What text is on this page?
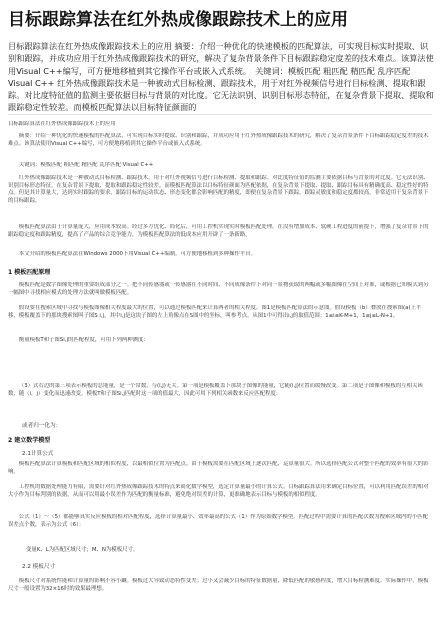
目标跟踪算法在红外热成像跟踪技术上的应用
目标跟踪算法在红外热成像跟踪技术上的应用 摘要：介绍一种优化的快速模板的匹配算法，可实现目标实时提取、识别和跟踪，并成功应用于红外热成像跟踪技术的研究，解决了复杂背景条件下目标跟踪稳定度差的技术难点。该算法使用Visual C++编写，可方便地移植到其它操作平台或嵌入式系统。　关键词：模板匹配 粗匹配 精匹配 乱序匹配 Visual C++ 红外热成像跟踪技术是一种被动式目标检测、跟踪技术，用于对红外视频信号进行目标检测、提取和跟踪。对比度特征值的监测主要依据目标与背景的对比度。它无法识别、识别目标形态特征，在复杂背景下提取、提取和跟踪稳定性较差。而模板匹配算法以目标特征颜面的
目标跟踪算法在红外热成像跟踪技术上的应用
摘要：介绍一种优化的快速模板的匹配算法，可实现目标实时提取、识别和跟踪，并成功应用于红外热成像跟踪技术的研究，解决了复杂背景条件下目标跟踪稳定度差的技术难点。该算法使用Visual C++编写，可方便地移植到其它操作平台或嵌入式系统。
关键词：模板匹配 粗匹配 精匹配 乱序匹配 Visual C++
红外热成像跟踪技术是一种被动式目标检测、跟踪技术，用于对红外视频信号进行目标检测、提取和跟踪。对比度特征值的监测主要依据目标与背景的对比度。它无法识别、识别目标形态特征，在复杂背景下提取、提取和跟踪稳定性较差。而模板匹配算法以目标特征颜面为匹配依据，在复杂背景下提取、提取、跟踪目标具有精确度高、稳定性好的特点。但是其计算量大，达到实时跟踪的要求，跟踪目标的运动状态、形态变化都会影响匹配的精度，即便在复杂背景下跟踪，跟踪灵敏度和稳定度都较高，非常适用于复杂背景下的目标跟踪。
模板匹配算法由于计算量庞大，应用成本较高。经过多方优化、简化后，可用工控机实现实时模板匹配处理。在没有增加成本、软硬工程进度的前提下，增强了复杂背景下的跟踪稳定度和跟踪精度，提高了产品的综合竞争能力，为模板匹配算法的低成本应用开辟了一条新路。
本文介绍的模板匹配算法在Windows 2000下用Visual C++编制，可方便地移植到多种操作平台。
1 模板匹配原理
模板匹配是数字图像处理的重要组成部分之一。把不同传感器或一传感器在不同时间、不同成像条件下对同一景物获取的两幅或多幅图像在空间上对准，或根据已知模式到另一幅图中寻找相应模式的处理方法就叫做模板匹配。
假设要在搜索区域中寻找与模板图像相关程度最大的位置，可以通过模板匹配来计算两者的相关程度。图1是模板匹配算法的示意图。假设模板（b）叠放在搜索图(a)上平移，模板覆盖下的那块搜索图叫子图S i,j，其中i,j是这块子图的左上角像点在S图中的坐标，叫参考点。从图1中可得出i,j的取值范围：1≤i≤K-M+1，1≤j≤L-N+1。
衡量模板T和子图Si,j的匹配程度，可用下列两种测度：
（3）式右边的第三项表示模板的总能量，是一个常数，与(i,j)无关。第一项是模板覆盖下那块子图像的能量，它随(i,j)位置而缓慢改变。第二项是子图像和模板的互相关函数，随（i，j）变化而迅速改变。模板T和子图Si,j匹配时这一项的值最大，因此可用下列相关函数来反应匹配程度：
或者归一化为：
2 建立数学模型
2.1计算公式
模板匹配算法计算模板和匹配区域的相似程度，以最相似位置为匹配点。由于模板需要在匹配区域上逐次匹配，运算量很大。所以选择匹配公式对整个匹配的效率有很大的影响。
工控机的数据处理能力有限，需要针对红外热成像跟踪技术的特点来简化数学模型，选定计算量最小的计算公式。目标跟踪算法用来确定目标位置，可以利用匹配误差的相对大小作为目标判别的依据，从而可以用最小误差作为匹配的衡量标准，避免绝对误差的计算，更准确地表示目标与模板的相似程度。
公式（1）～（5）都能够真实反应模板的相对匹配程度，选择计算量最小、效率最高的公式（1）作为原始数学模型。匹配过程中需要计算的匹配次数为搜索区域内的小匹配误差点个数，表示为公式（6）：
变量K、L为匹配区域尺寸；M、N为模板尺寸。
2.2 模板尺寸
模板尺寸对系统性能和计算量的影响不容小觑。模板过大导致动态特性变差；过小又会减少目标的特征数据量，降低匹配的敏感程度，增大目标检测难度。实际操作中，模板尺寸一般设置为32×16时的效果最理想。
